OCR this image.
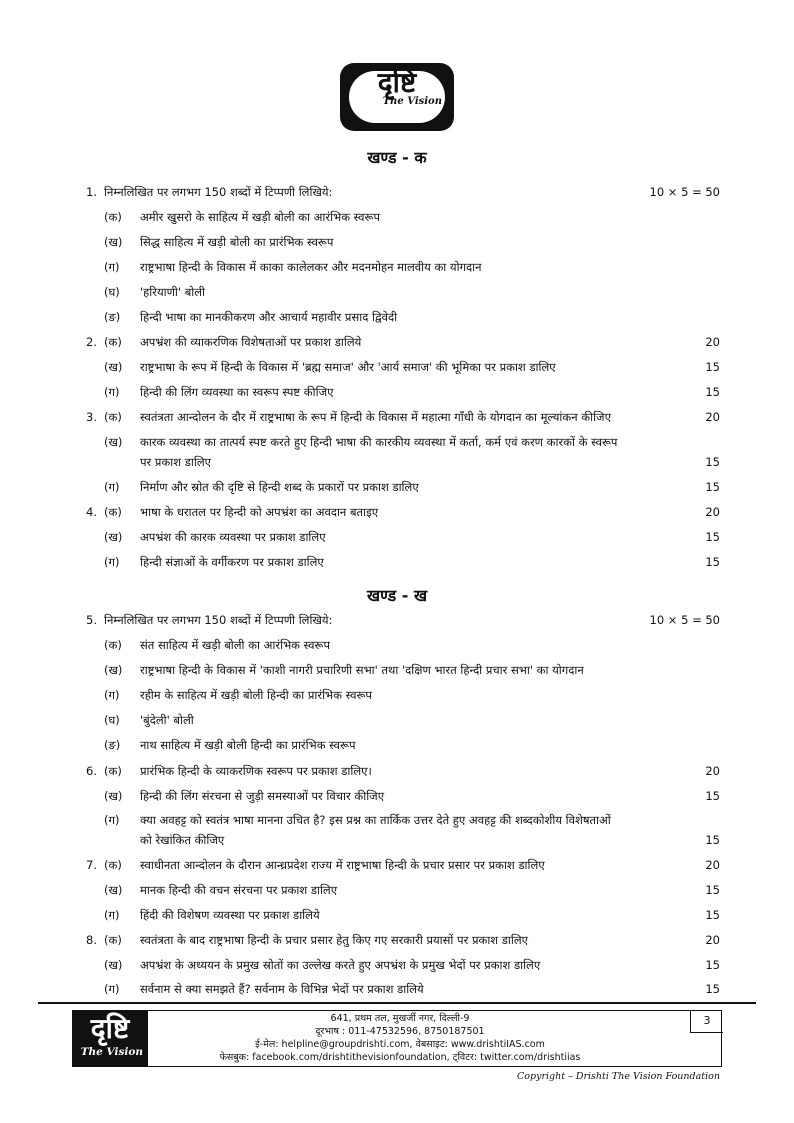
दृष्टि
The Vision
खण्ड - क
1. निम्नलिखित पर लगभग 150 शब्दों में टिप्पणी लिखिये:	10 × 5 = 50
(क)	अमीर खुसरो के साहित्य में खड़ी बोली का आरंभिक स्वरूप
(ख)	सिद्ध साहित्य में खड़ी बोली का प्रारंभिक स्वरूप
(ग)	राष्ट्रभाषा हिन्दी के विकास में काका कालेलकर और मदनमोहन मालवीय का योगदान
(घ)	'हरियाणी' बोली
(ङ)	हिन्दी भाषा का मानकीकरण और आचार्य महावीर प्रसाद द्विवेदी
2. (क)	अपभ्रंश की व्याकरणिक विशेषताओं पर प्रकाश डालिये	20
(ख)	राष्ट्रभाषा के रूप में हिन्दी के विकास में 'ब्रह्म समाज' और 'आर्य समाज' की भूमिका पर प्रकाश डालिए	15
(ग)	हिन्दी की लिंग व्यवस्था का स्वरूप स्पष्ट कीजिए	15
3. (क)	स्वतंत्रता आन्दोलन के दौर में राष्ट्रभाषा के रूप में हिन्दी के विकास में महात्मा गाँधी के योगदान का मूल्यांकन कीजिए	20
(ख)	कारक व्यवस्था का तात्पर्य स्पष्ट करते हुए हिन्दी भाषा की कारकीय व्यवस्था में कर्ता, कर्म एवं करण कारकों के स्वरूप
पर प्रकाश डालिए	15
(ग)	निर्माण और स्रोत की दृष्टि से हिन्दी शब्द के प्रकारों पर प्रकाश डालिए	15
4. (क)	भाषा के धरातल पर हिन्दी को अपभ्रंश का अवदान बताइए	20
(ख)	अपभ्रंश की कारक व्यवस्था पर प्रकाश डालिए	15
(ग)	हिन्दी संज्ञाओं के वर्गीकरण पर प्रकाश डालिए	15
खण्ड - ख
5. निम्नलिखित पर लगभग 150 शब्दों में टिप्पणी लिखिये:	10 × 5 = 50
(क)	संत साहित्य में खड़ी बोली का आरंभिक स्वरूप
(ख)	राष्ट्रभाषा हिन्दी के विकास में 'काशी नागरी प्रचारिणी सभा' तथा 'दक्षिण भारत हिन्दी प्रचार सभा' का योगदान
(ग)	रहीम के साहित्य में खड़ी बोली हिन्दी का प्रारंभिक स्वरूप
(घ)	'बुंदेली' बोली
(ङ)	नाथ साहित्य में खड़ी बोली हिन्दी का प्रारंभिक स्वरूप
6. (क)	प्रारंभिक हिन्दी के व्याकरणिक स्वरूप पर प्रकाश डालिए।	20
(ख)	हिन्दी की लिंग संरचना से जुड़ी समस्याओं पर विचार कीजिए	15
(ग)	क्या अवहट्ट को स्वतंत्र भाषा मानना उचित है? इस प्रश्न का तार्किक उत्तर देते हुए अवहट्ट की शब्दकोशीय विशेषताओं
को रेखांकित कीजिए	15
7. (क)	स्वाधीनता आन्दोलन के दौरान आन्ध्रप्रदेश राज्य में राष्ट्रभाषा हिन्दी के प्रचार प्रसार पर प्रकाश डालिए	20
(ख)	मानक हिन्दी की वचन संरचना पर प्रकाश डालिए	15
(ग)	हिंदी की विशेषण व्यवस्था पर प्रकाश डालिये	15
8. (क)	स्वतंत्रता के बाद राष्ट्रभाषा हिन्दी के प्रचार प्रसार हेतु किए गए सरकारी प्रयासों पर प्रकाश डालिए	20
(ख)	अपभ्रंश के अध्ययन के प्रमुख स्रोतों का उल्लेख करते हुए अपभ्रंश के प्रमुख भेदों पर प्रकाश डालिए	15
(ग)	सर्वनाम से क्या समझते हैं? सर्वनाम के विभिन्न भेदों पर प्रकाश डालिये	15
दृष्टि
The Vision
641, प्रथम तल, मुखर्जी नगर, दिल्ली-9
दूरभाष : 011-47532596, 8750187501
ई-मेल: helpline@groupdrishti.com, वेबसाइट: www.drishtiIAS.com
फेसबुक: facebook.com/drishtithevisionfoundation, ट्विटर: twitter.com/drishtiias
3
Copyright – Drishti The Vision Foundation
